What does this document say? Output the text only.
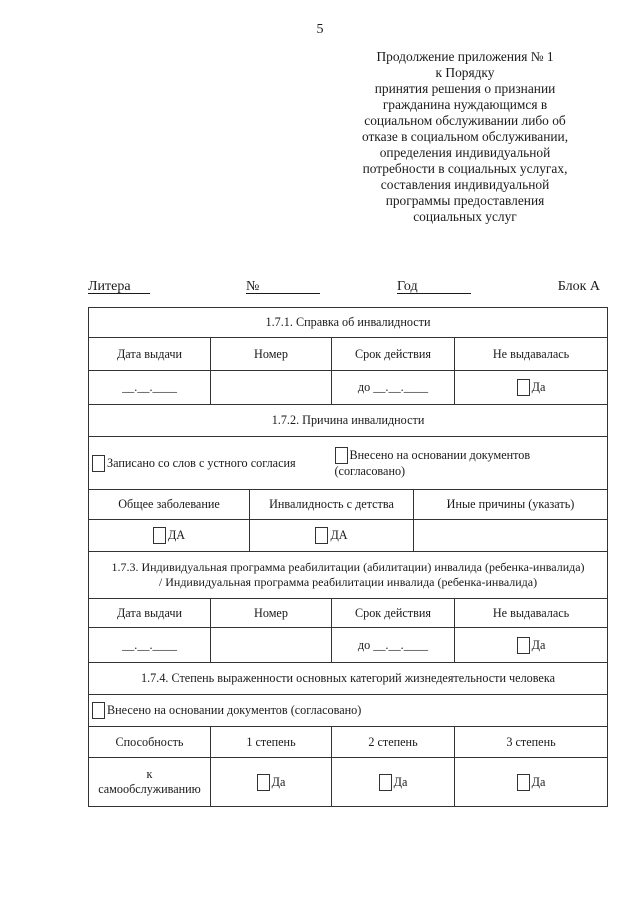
5
Продолжение приложения № 1
к Порядку
принятия решения о признании
гражданина нуждающимся в
социальном обслуживании либо об
отказе в социальном обслуживании,
определения индивидуальной
потребности в социальных услугах,
составления индивидуальной
программы предоставления
социальных услуг
Литера	№	Год	Блок А
1.7.1. Справка об инвалидности					
Дата выдачи	Номер		Срок действия		Не выдавалась
__.__.____			до __.__.____		Да
1.7.2. Причина инвалидности					
Записано со слов с устного согласия			Внесено на основании документов
(согласовано)		

Общее заболевание		Инвалидность с детства		Иные причины (указать)	
ДА		ДА			

1.7.3. Индивидуальная программа реабилитации (абилитации) инвалида (ребенка-инвалида)
/ Индивидуальная программа реабилитации инвалида (ребенка-инвалида)					

Дата выдачи	Номер		Срок действия		Не выдавалась
__.__.____			до __.__.____		Да
1.7.4. Степень выраженности основных категорий жизнедеятельности человека					
Внесено на основании документов (согласовано)					
Способность	1 степень		2 степень		3 степень

к
самообслуживанию	Да		Да		Да
